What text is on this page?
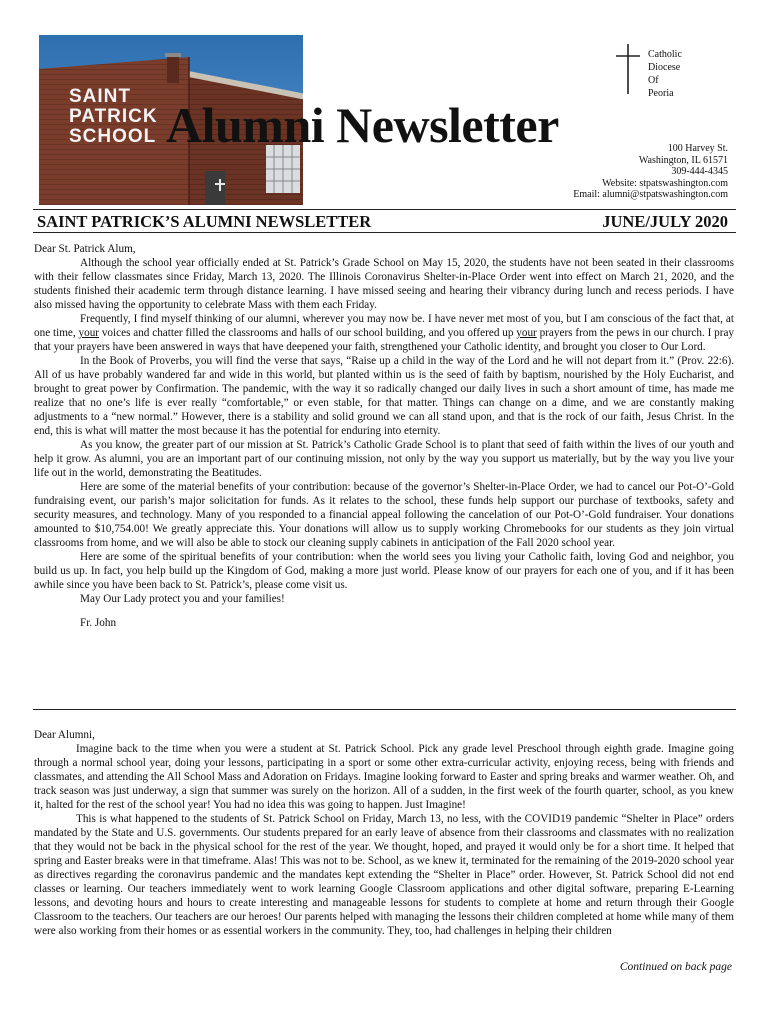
SAINT
PATRICK
SCHOOL Alumni Newsletter
Catholic
Diocese
Of
Peoria
100 Harvey St.
Washington, IL 61571
309-444-4345
Website: stpatswashington.com
Email: alumni@stpatswashington.com
SAINT PATRICK’S ALUMNI NEWSLETTER	JUNE/JULY 2020

Dear St. Patrick Alum,

Although the school year officially ended at St. Patrick’s Grade School on May 15, 2020, the students have not been seated in their classrooms with their fellow classmates since Friday, March 13, 2020. The Illinois Coronavirus Shelter-in-Place Order went into effect on March 21, 2020, and the students finished their academic term through distance learning. I have missed seeing and hearing their vibrancy during lunch and recess periods. I have also missed having the opportunity to celebrate Mass with them each Friday.

Frequently, I find myself thinking of our alumni, wherever you may now be. I have never met most of you, but I am conscious of the fact that, at one time, your voices and chatter filled the classrooms and halls of our school building, and you offered up your prayers from the pews in our church. I pray that your prayers have been answered in ways that have deepened your faith, strengthened your Catholic identity, and brought you closer to Our Lord.

In the Book of Proverbs, you will find the verse that says, “Raise up a child in the way of the Lord and he will not depart from it.” (Prov. 22:6). All of us have probably wandered far and wide in this world, but planted within us is the seed of faith by baptism, nourished by the Holy Eucharist, and brought to great power by Confirmation. The pandemic, with the way it so radically changed our daily lives in such a short amount of time, has made me realize that no one’s life is ever really “comfortable,” or even stable, for that matter. Things can change on a dime, and we are constantly making adjustments to a “new normal.” However, there is a stability and solid ground we can all stand upon, and that is the rock of our faith, Jesus Christ. In the end, this is what will matter the most because it has the potential for enduring into eternity.

As you know, the greater part of our mission at St. Patrick’s Catholic Grade School is to plant that seed of faith within the lives of our youth and help it grow. As alumni, you are an important part of our continuing mission, not only by the way you support us materially, but by the way you live your life out in the world, demonstrating the Beatitudes.

Here are some of the material benefits of your contribution: because of the governor’s Shelter-in-Place Order, we had to cancel our Pot-O’-Gold fundraising event, our parish’s major solicitation for funds. As it relates to the school, these funds help support our purchase of textbooks, safety and security measures, and technology. Many of you responded to a financial appeal following the cancelation of our Pot-O’-Gold fundraiser. Your donations amounted to $10,754.00! We greatly appreciate this. Your donations will allow us to supply working Chromebooks for our students as they join virtual classrooms from home, and we will also be able to stock our cleaning supply cabinets in anticipation of the Fall 2020 school year.

Here are some of the spiritual benefits of your contribution: when the world sees you living your Catholic faith, loving God and neighbor, you build us up. In fact, you help build up the Kingdom of God, making a more just world. Please know of our prayers for each one of you, and if it has been awhile since you have been back to St. Patrick’s, please come visit us.

May Our Lady protect you and your families!

Fr. John

Dear Alumni,

Imagine back to the time when you were a student at St. Patrick School. Pick any grade level Preschool through eighth grade. Imagine going through a normal school year, doing your lessons, participating in a sport or some other extra-curricular activity, enjoying recess, being with friends and classmates, and attending the All School Mass and Adoration on Fridays. Imagine looking forward to Easter and spring breaks and warmer weather. Oh, and track season was just underway, a sign that summer was surely on the horizon. All of a sudden, in the first week of the fourth quarter, school, as you knew it, halted for the rest of the school year! You had no idea this was going to happen. Just Imagine!

This is what happened to the students of St. Patrick School on Friday, March 13, no less, with the COVID19 pandemic “Shelter in Place” orders mandated by the State and U.S. governments. Our students prepared for an early leave of absence from their classrooms and classmates with no realization that they would not be back in the physical school for the rest of the year. We thought, hoped, and prayed it would only be for a short time. It helped that spring and Easter breaks were in that timeframe. Alas! This was not to be. School, as we knew it, terminated for the remaining of the 2019-2020 school year as directives regarding the coronavirus pandemic and the mandates kept extending the “Shelter in Place” order. However, St. Patrick School did not end classes or learning. Our teachers immediately went to work learning Google Classroom applications and other digital software, preparing E-Learning lessons, and devoting hours and hours to create interesting and manageable lessons for students to complete at home and return through their Google Classroom to the teachers. Our teachers are our heroes! Our parents helped with managing the lessons their children completed at home while many of them were also working from their homes or as essential workers in the community. They, too, had challenges in helping their children

Continued on back page
